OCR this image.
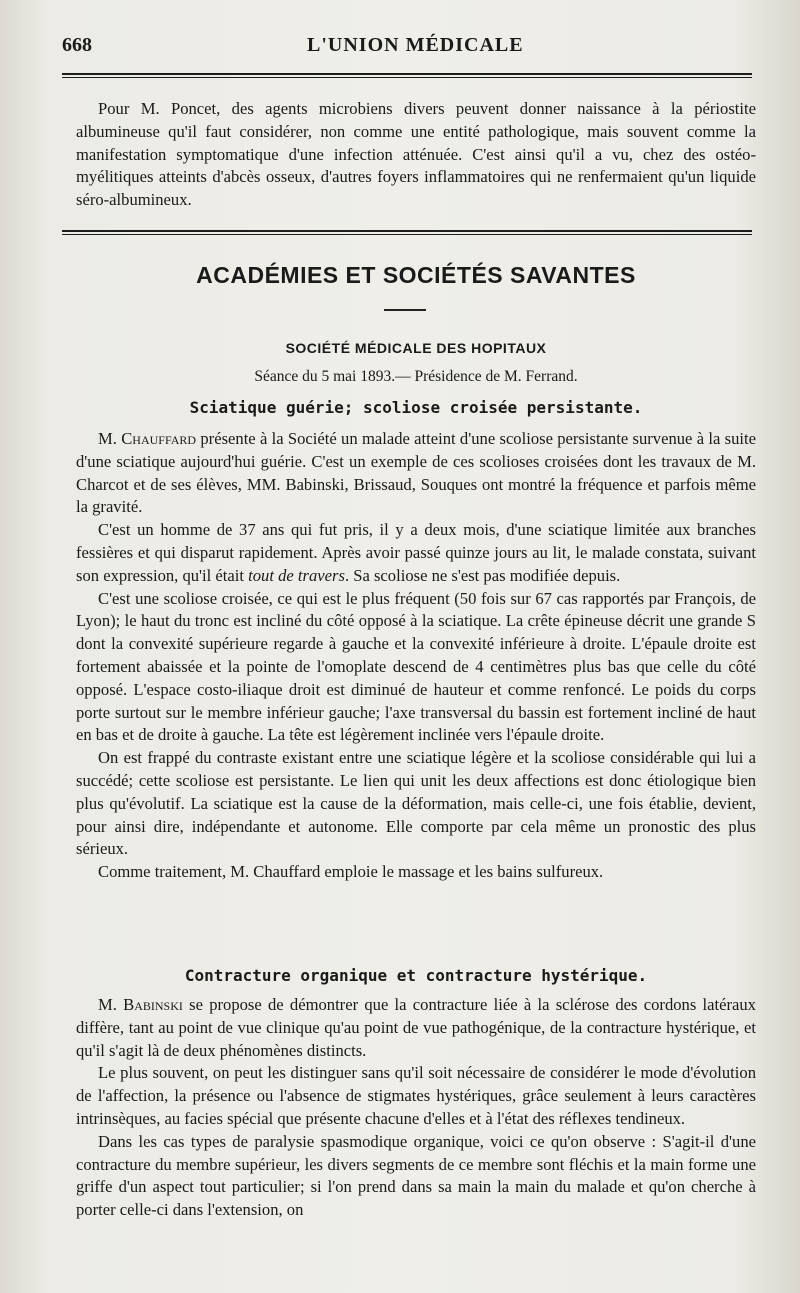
668	L'UNION MÉDICALE

Pour M. Poncet, des agents microbiens divers peuvent donner naissance à la périostite albumineuse qu'il faut considérer, non comme une entité pathologique, mais souvent comme la manifestation symptomatique d'une infection atténuée. C'est ainsi qu'il a vu, chez des ostéo-myélitiques atteints d'abcès osseux, d'autres foyers inflammatoires qui ne renfermaient qu'un liquide séro-albumineux.

ACADÉMIES ET SOCIÉTÉS SAVANTES
SOCIÉTÉ MÉDICALE DES HOPITAUX
Séance du 5 mai 1893.— Présidence de M. Ferrand.
Sciatique guérie; scoliose croisée persistante.

M. Chauffard présente à la Société un malade atteint d'une scoliose persistante survenue à la suite d'une sciatique aujourd'hui guérie. C'est un exemple de ces scolioses croisées dont les travaux de M. Charcot et de ses élèves, MM. Babinski, Brissaud, Souques ont montré la fréquence et parfois même la gravité.

C'est un homme de 37 ans qui fut pris, il y a deux mois, d'une sciatique limitée aux branches fessières et qui disparut rapidement. Après avoir passé quinze jours au lit, le malade constata, suivant son expression, qu'il était tout de travers. Sa scoliose ne s'est pas modifiée depuis.

C'est une scoliose croisée, ce qui est le plus fréquent (50 fois sur 67 cas rapportés par François, de Lyon); le haut du tronc est incliné du côté opposé à la sciatique. La crête épineuse décrit une grande S dont la convexité supérieure regarde à gauche et la convexité inférieure à droite. L'épaule droite est fortement abaissée et la pointe de l'omoplate descend de 4 centimètres plus bas que celle du côté opposé. L'espace costo-iliaque droit est diminué de hauteur et comme renfoncé. Le poids du corps porte surtout sur le membre inférieur gauche; l'axe transversal du bassin est fortement incliné de haut en bas et de droite à gauche. La tête est légèrement inclinée vers l'épaule droite.

On est frappé du contraste existant entre une sciatique légère et la scoliose considérable qui lui a succédé; cette scoliose est persistante. Le lien qui unit les deux affections est donc étiologique bien plus qu'évolutif. La sciatique est la cause de la déformation, mais celle-ci, une fois établie, devient, pour ainsi dire, indépendante et autonome. Elle comporte par cela même un pronostic des plus sérieux.

Comme traitement, M. Chauffard emploie le massage et les bains sulfureux.

Contracture organique et contracture hystérique.

M. Babinski se propose de démontrer que la contracture liée à la sclérose des cordons latéraux diffère, tant au point de vue clinique qu'au point de vue pathogénique, de la contracture hystérique, et qu'il s'agit là de deux phénomènes distincts.

Le plus souvent, on peut les distinguer sans qu'il soit nécessaire de considérer le mode d'évolution de l'affection, la présence ou l'absence de stigmates hystériques, grâce seulement à leurs caractères intrinsèques, au facies spécial que présente chacune d'elles et à l'état des réflexes tendineux.

Dans les cas types de paralysie spasmodique organique, voici ce qu'on observe : S'agit-il d'une contracture du membre supérieur, les divers segments de ce membre sont fléchis et la main forme une griffe d'un aspect tout particulier; si l'on prend dans sa main la main du malade et qu'on cherche à porter celle-ci dans l'extension, on
